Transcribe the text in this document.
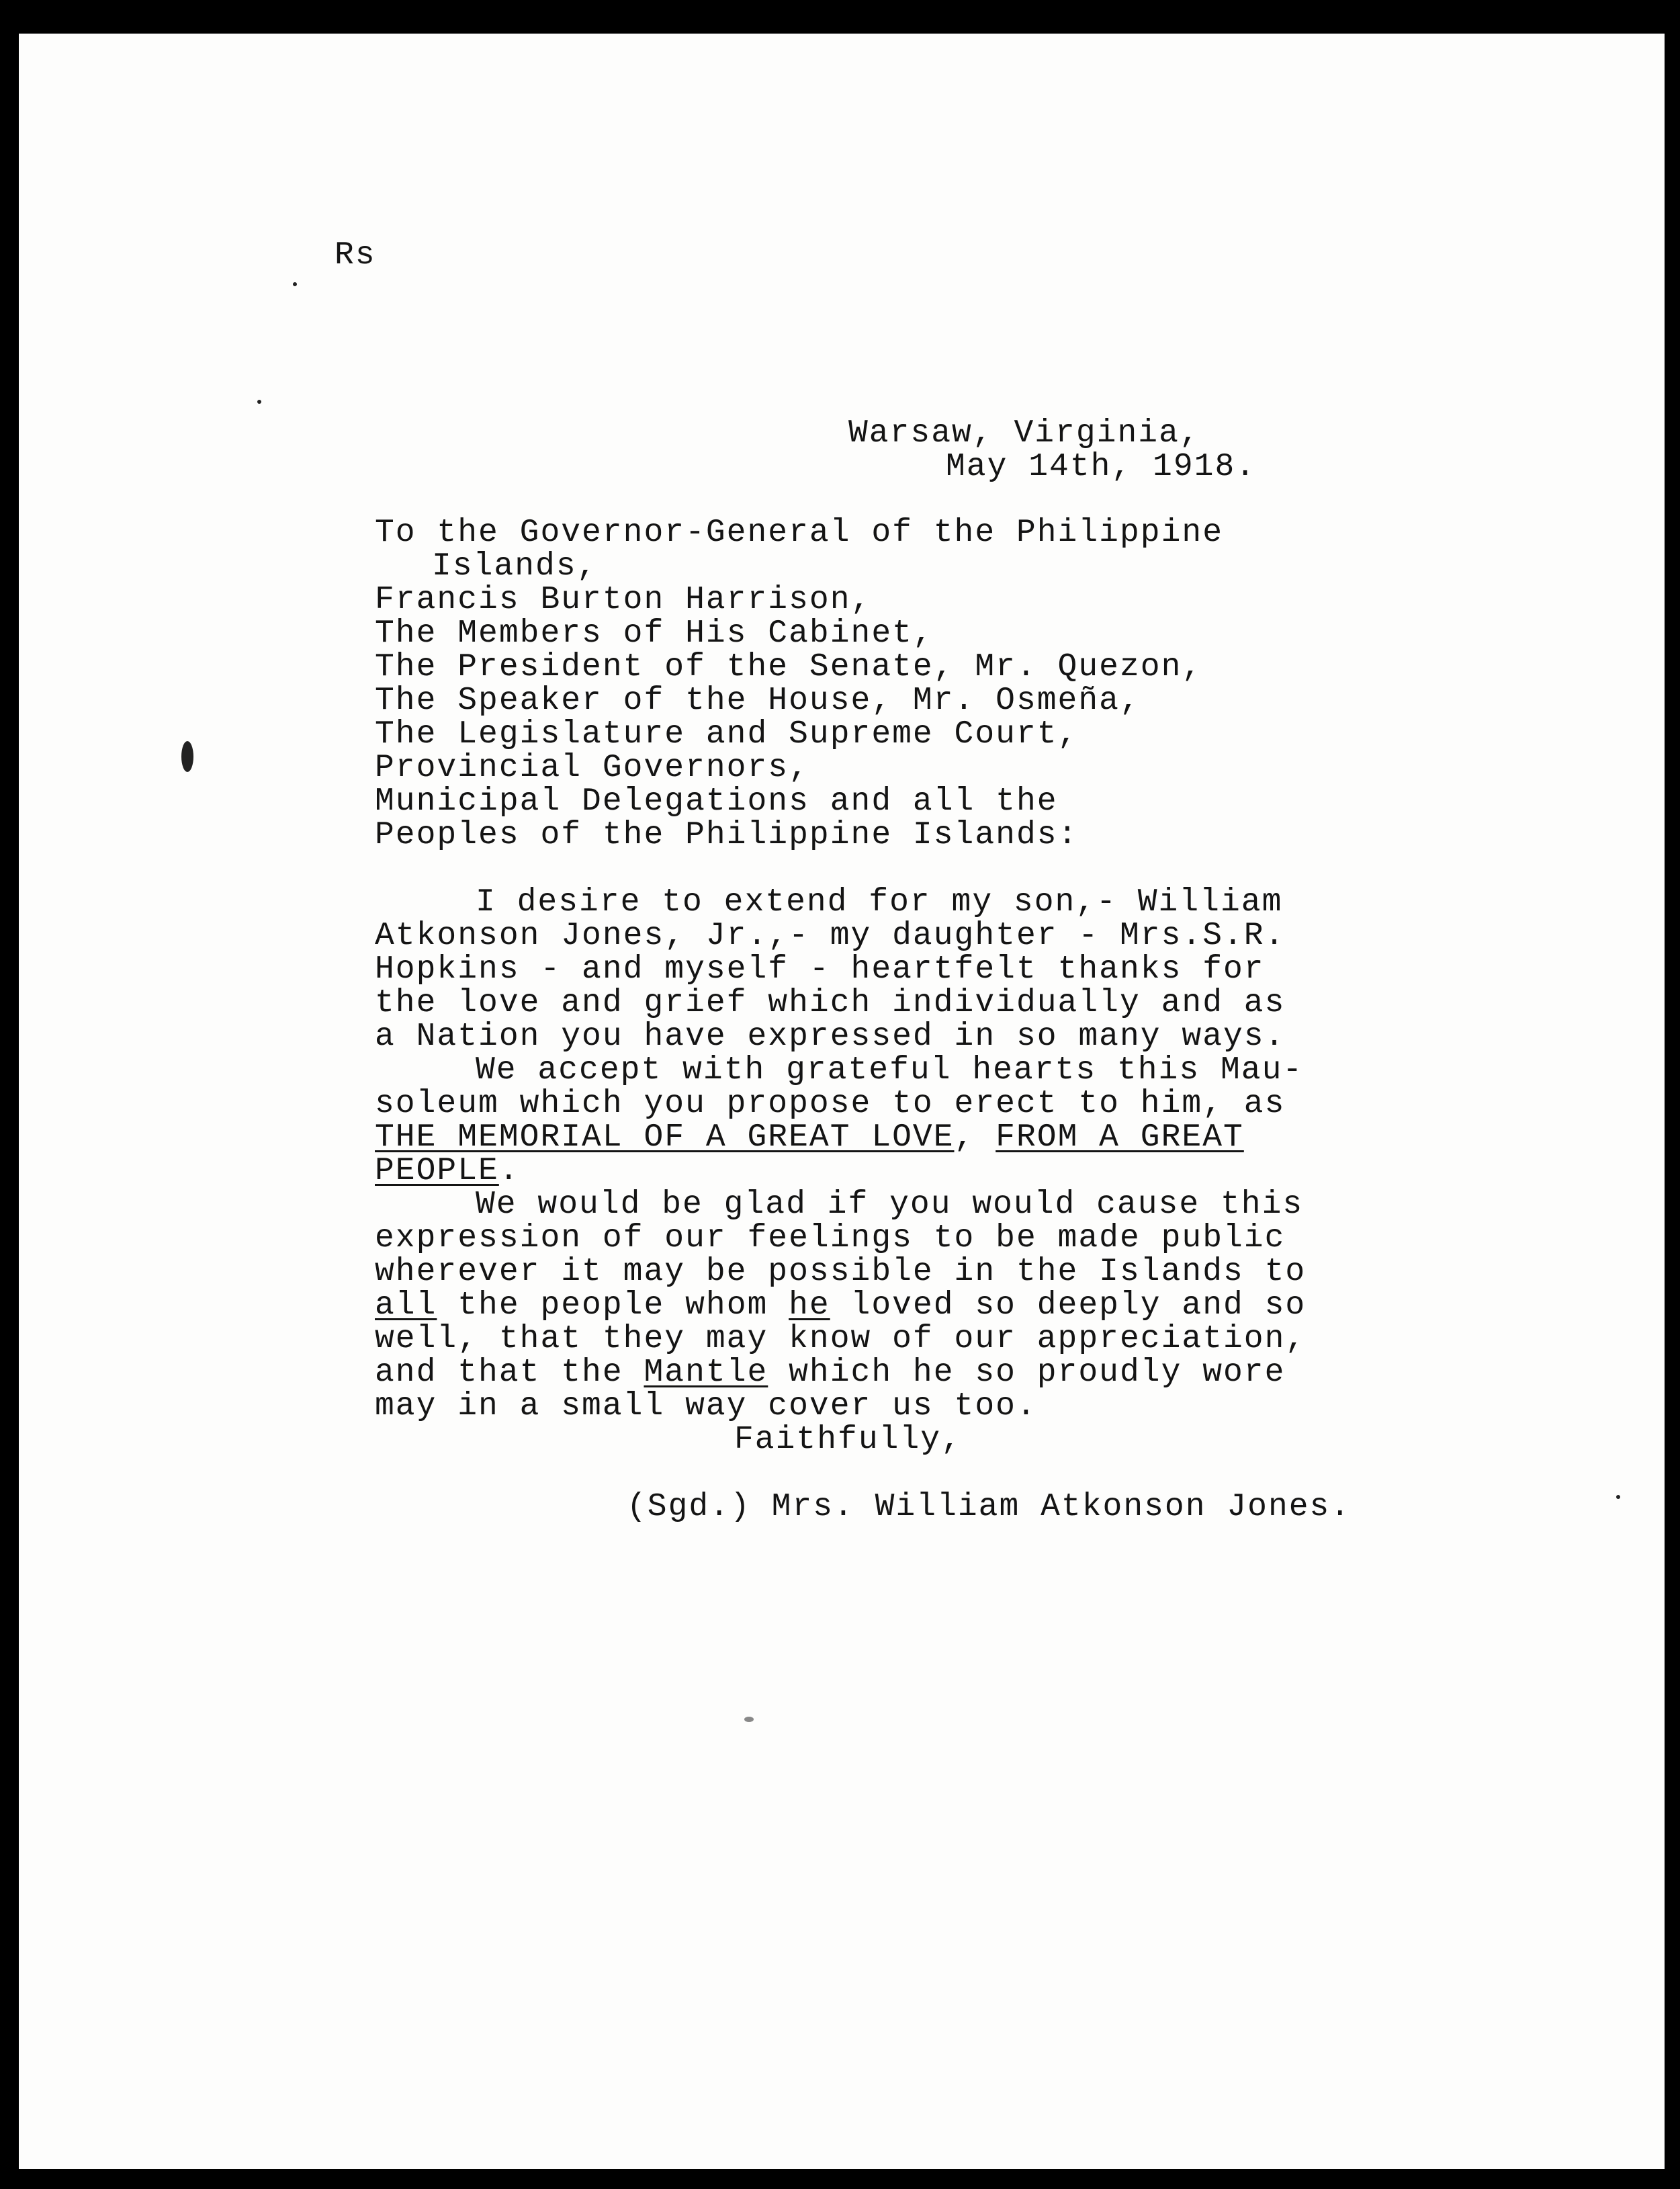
Rs
Warsaw, Virginia,
May 14th, 1918.
To the Governor-General of the Philippine
Islands,
Francis Burton Harrison,
The Members of His Cabinet,
The President of the Senate, Mr. Quezon,
The Speaker of the House, Mr. Osmeña,
The Legislature and Supreme Court,
Provincial Governors,
Municipal Delegations and all the
Peoples of the Philippine Islands:
I desire to extend for my son,- William
Atkonson Jones, Jr.,- my daughter - Mrs.S.R.
Hopkins - and myself - heartfelt thanks for
the love and grief which individually and as
a Nation you have expressed in so many ways.
We accept with grateful hearts this Mau-
soleum which you propose to erect to him, as
THE MEMORIAL OF A GREAT LOVE, FROM A GREAT
PEOPLE.
We would be glad if you would cause this
expression of our feelings to be made public
wherever it may be possible in the Islands to
all the people whom he loved so deeply and so
well, that they may know of our appreciation,
and that the Mantle which he so proudly wore
may in a small way cover us too.
Faithfully,
(Sgd.) Mrs. William Atkonson Jones.
